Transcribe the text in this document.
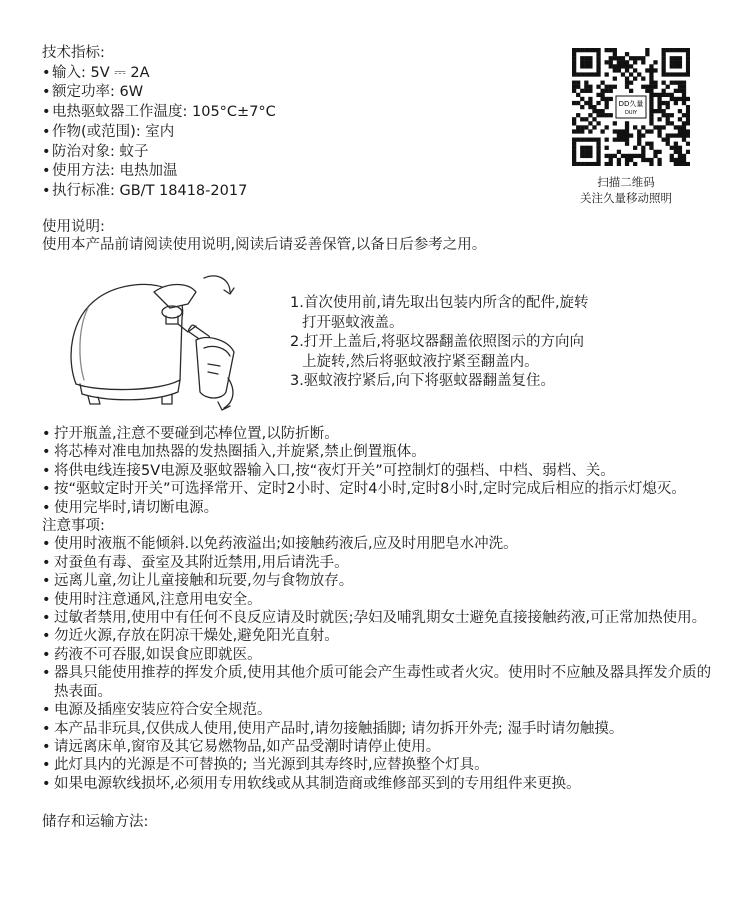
技术指标:
• 输入: 5V ⎓ 2A
• 额定功率: 6W
• 电热驱蚊器工作温度: 105°C±7°C
• 作物(或范围): 室内
• 防治对象: 蚊子
• 使用方法: 电热加温
• 执行标准: GB/T 18418-2017
DD久量
DUIY
扫描二维码
关注久量移动照明
使用说明:
使用本产品前请阅读使用说明,阅读后请妥善保管,以备日后参考之用。
1.首次使用前,请先取出包装内所含的配件,旋转
打开驱蚊液盖。
2.打开上盖后,将驱坟器翻盖依照图示的方向向
上旋转,然后将驱蚊液拧紧至翻盖内。
3.驱蚊液拧紧后,向下将驱蚊器翻盖复住。
• 拧开瓶盖,注意不要碰到芯棒位置,以防折断。
• 将芯棒对准电加热器的发热圈插入,并旋紧,禁止倒置瓶体。
• 将供电线连接5V电源及驱蚊器输入口,按“夜灯开关”可控制灯的强档、中档、弱档、关。
• 按“驱蚊定时开关”可选择常开、定时2小时、定时4小时,定时8小时,定时完成后相应的指示灯熄灭。
• 使用完毕时,请切断电源。
注意事项:
• 使用时液瓶不能倾斜.以免药液溢出;如接触药液后,应及时用肥皂水冲洗。
• 对蚕鱼有毒、蚕室及其附近禁用,用后请洗手。
• 远离儿童,勿让儿童接触和玩要,勿与食物放存。
• 使用时注意通风,注意用电安全。
• 过敏者禁用,使用中有任何不良反应请及时就医;孕妇及哺乳期女士避免直接接触药液,可正常加热使用。
• 勿近火源,存放在阴凉干燥处,避免阳光直射。
• 药液不可吞服,如误食应即就医。
• 器具只能使用推荐的挥发介质,使用其他介质可能会产生毒性或者火灾。使用时不应触及器具挥发介质的热表面。
• 电源及插座安装应符合安全规范。
• 本产品非玩具,仅供成人使用,使用产品时,请勿接触插脚; 请勿拆开外壳; 湿手时请勿触摸。
• 请远离床单,窗帘及其它易燃物品,如产品受潮时请停止使用。
• 此灯具内的光源是不可替换的; 当光源到其寿终时,应替换整个灯具。
• 如果电源软线损坏,必须用专用软线或从其制造商或维修部买到的专用组件来更换。
储存和运输方法:
